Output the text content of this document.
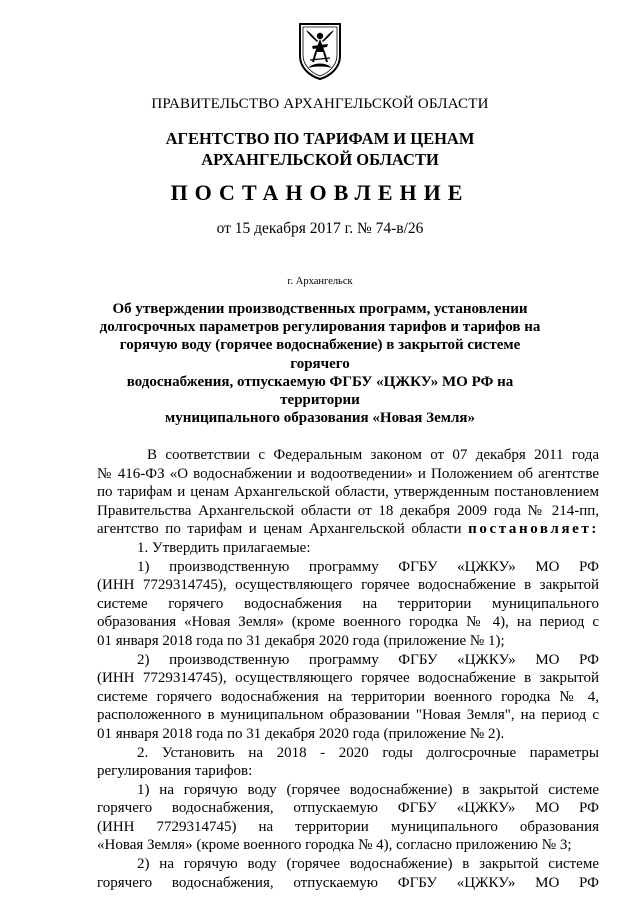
ПРАВИТЕЛЬСТВО АРХАНГЕЛЬСКОЙ ОБЛАСТИ
АГЕНТСТВО ПО ТАРИФАМ И ЦЕНАМ
АРХАНГЕЛЬСКОЙ ОБЛАСТИ
ПОСТАНОВЛЕНИЕ
от 15 декабря 2017 г. № 74-в/26
г. Архангельск
Об утверждении производственных программ, установлении
долгосрочных параметров регулирования тарифов и тарифов на
горячую воду (горячее водоснабжение) в закрытой системе горячего
водоснабжения, отпускаемую ФГБУ «ЦЖКУ» МО РФ на территории
муниципального образования «Новая Земля»

В соответствии с Федеральным законом от 07 декабря 2011 года

№ 416-ФЗ «О водоснабжении и водоотведении» и Положением об агентстве

по тарифам и ценам Архангельской области, утвержденным постановлением

Правительства Архангельской области от 18 декабря 2009 года № 214-пп,

агентство по тарифам и ценам Архангельской области постановляет:

1. Утвердить прилагаемые:

1) производственную программу ФГБУ «ЦЖКУ» МО РФ

(ИНН 7729314745), осуществляющего горячее водоснабжение в закрытой

системе горячего водоснабжения на территории муниципального

образования «Новая Земля» (кроме военного городка № 4), на период с

01 января 2018 года по 31 декабря 2020 года (приложение № 1);

2) производственную программу ФГБУ «ЦЖКУ» МО РФ

(ИНН 7729314745), осуществляющего горячее водоснабжение в закрытой

системе горячего водоснабжения на территории военного городка № 4,

расположенного в муниципальном образовании "Новая Земля", на период с

01 января 2018 года по 31 декабря 2020 года (приложение № 2).

2. Установить на 2018 - 2020 годы долгосрочные параметры

регулирования тарифов:

1) на горячую воду (горячее водоснабжение) в закрытой системе

горячего водоснабжения, отпускаемую ФГБУ «ЦЖКУ» МО РФ

(ИНН 7729314745) на территории муниципального образования

«Новая Земля» (кроме военного городка № 4), согласно приложению № 3;

2) на горячую воду (горячее водоснабжение) в закрытой системе

горячего водоснабжения, отпускаемую ФГБУ «ЦЖКУ» МО РФ
